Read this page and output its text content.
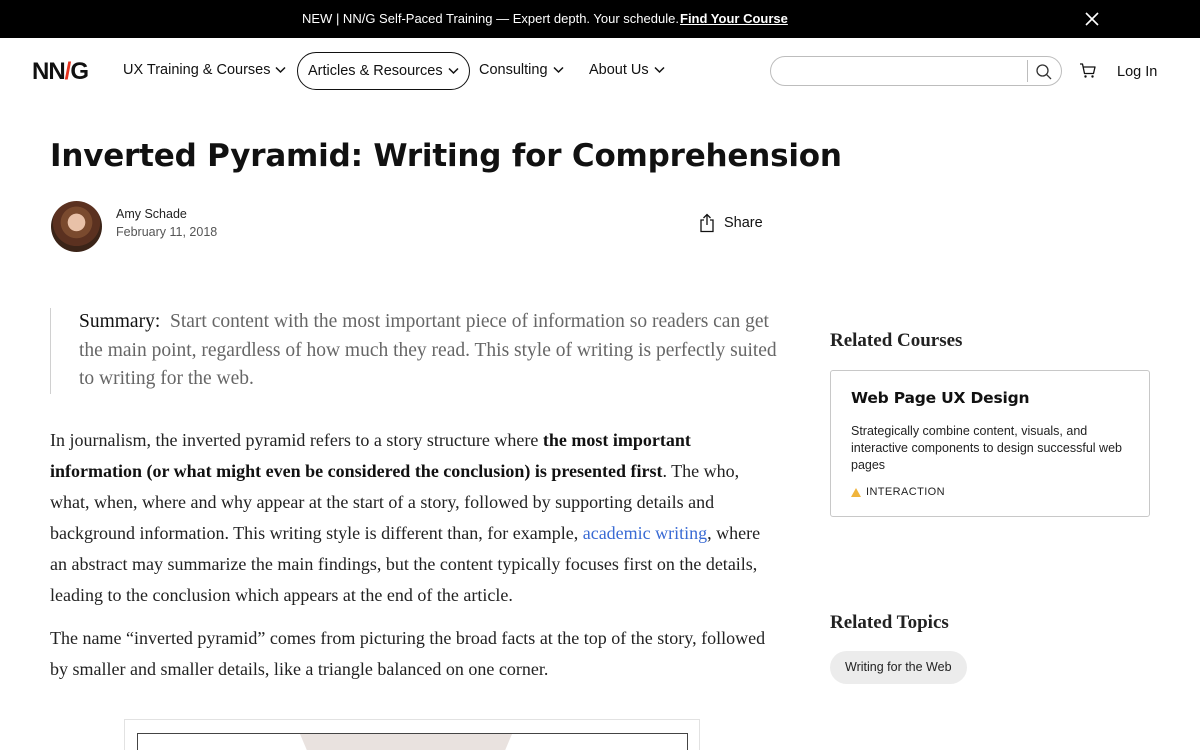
NEW | NN/G Self-Paced Training — Expert depth. Your schedule. Find Your Course
NN/G UX Training & Courses	Articles & Resources	Consulting	About Us	Log In
Inverted Pyramid: Writing for Comprehension
Amy Schade
February 11, 2018
Share
Summary: Start content with the most important piece of information so readers can get the main point, regardless of how much they read. This style of writing is perfectly suited to writing for the web.

In journalism, the inverted pyramid refers to a story structure where the most important information (or what might even be considered the conclusion) is presented first. The who, what, when, where and why appear at the start of a story, followed by supporting details and background information. This writing style is different than, for example, academic writing, where an abstract may summarize the main findings, but the content typically focuses first on the details, leading to the conclusion which appears at the end of the article.

The name “inverted pyramid” comes from picturing the broad facts at the top of the story, followed by smaller and smaller details, like a triangle balanced on one corner.

Related Courses
Web Page UX Design
Strategically combine content, visuals, and interactive components to design successful web pages
INTERACTION
Related Topics
Writing for the Web
